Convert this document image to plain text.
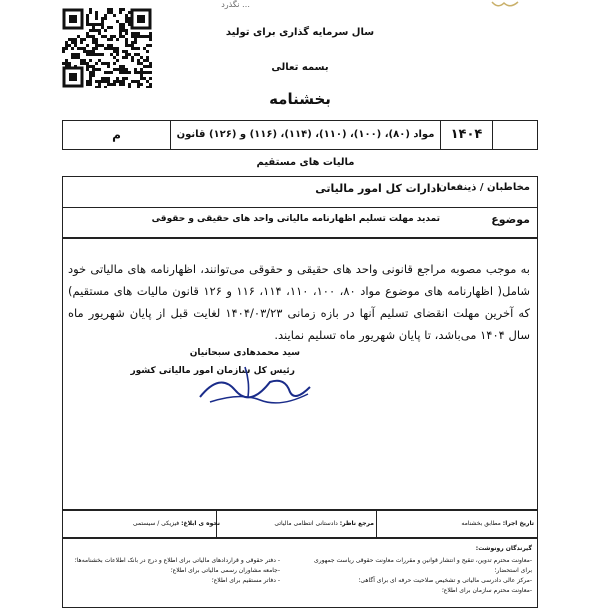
… نگذرد
سال سرمایه گذاری برای تولید
بسمه تعالی
بخشنامه
۱۴۰۴
مواد (۸۰)، (۱۰۰)، (۱۱۰)، (۱۱۴)، (۱۱۶) و (۱۲۶) قانون مالیات های مستقیم
م
مخاطبان / ذینفعان
ادارات کل امور مالیاتی
موضوع
تمدید مهلت تسلیم اظهارنامه مالیاتی واحد های حقیقی و حقوقی
به موجب مصوبه مراجع قانونی واحد های حقیقی و حقوقی می‌توانند، اظهارنامه های مالیاتی خود شامل( اظهارنامه های موضوع مواد ۸۰، ۱۰۰، ۱۱۰، ۱۱۴، ۱۱۶ و ۱۲۶ قانون مالیات های مستقیم) که آخرین مهلت انقضای تسلیم آنها در بازه زمانی ۱۴۰۴/۰۳/۲۳ لغایت قبل از پایان شهریور ماه سال ۱۴۰۴ می‌باشد، تا پایان شهریور ماه تسلیم نمایند.
سید محمدهادی سبحانیان
رئیس کل سازمان امور مالیاتی کشور
تاریخ اجرا: مطابق بخشنامه
مرجع ناظر: دادستانی انتظامی مالیاتی
نحوه ی ابلاغ: فیزیکی / سیستمی
گیرندگان رونوشت:
-معاونت محترم تدوین، تنقیح و انتشار قوانین و مقررات معاونت حقوقی ریاست جمهوری برای استحضار؛
-مرکز عالی دادرسی مالیاتی و تشخیص صلاحیت حرفه ای برای آگاهی؛
-معاونت محترم سازمان برای اطلاع؛
- دفتر حقوقی و قراردادهای مالیاتی برای اطلاع و درج در بانک اطلاعات بخشنامه‌ها؛
-جامعه مشاوران رسمی مالیاتی برای اطلاع؛
- دفاتر مستقیم برای اطلاع؛
